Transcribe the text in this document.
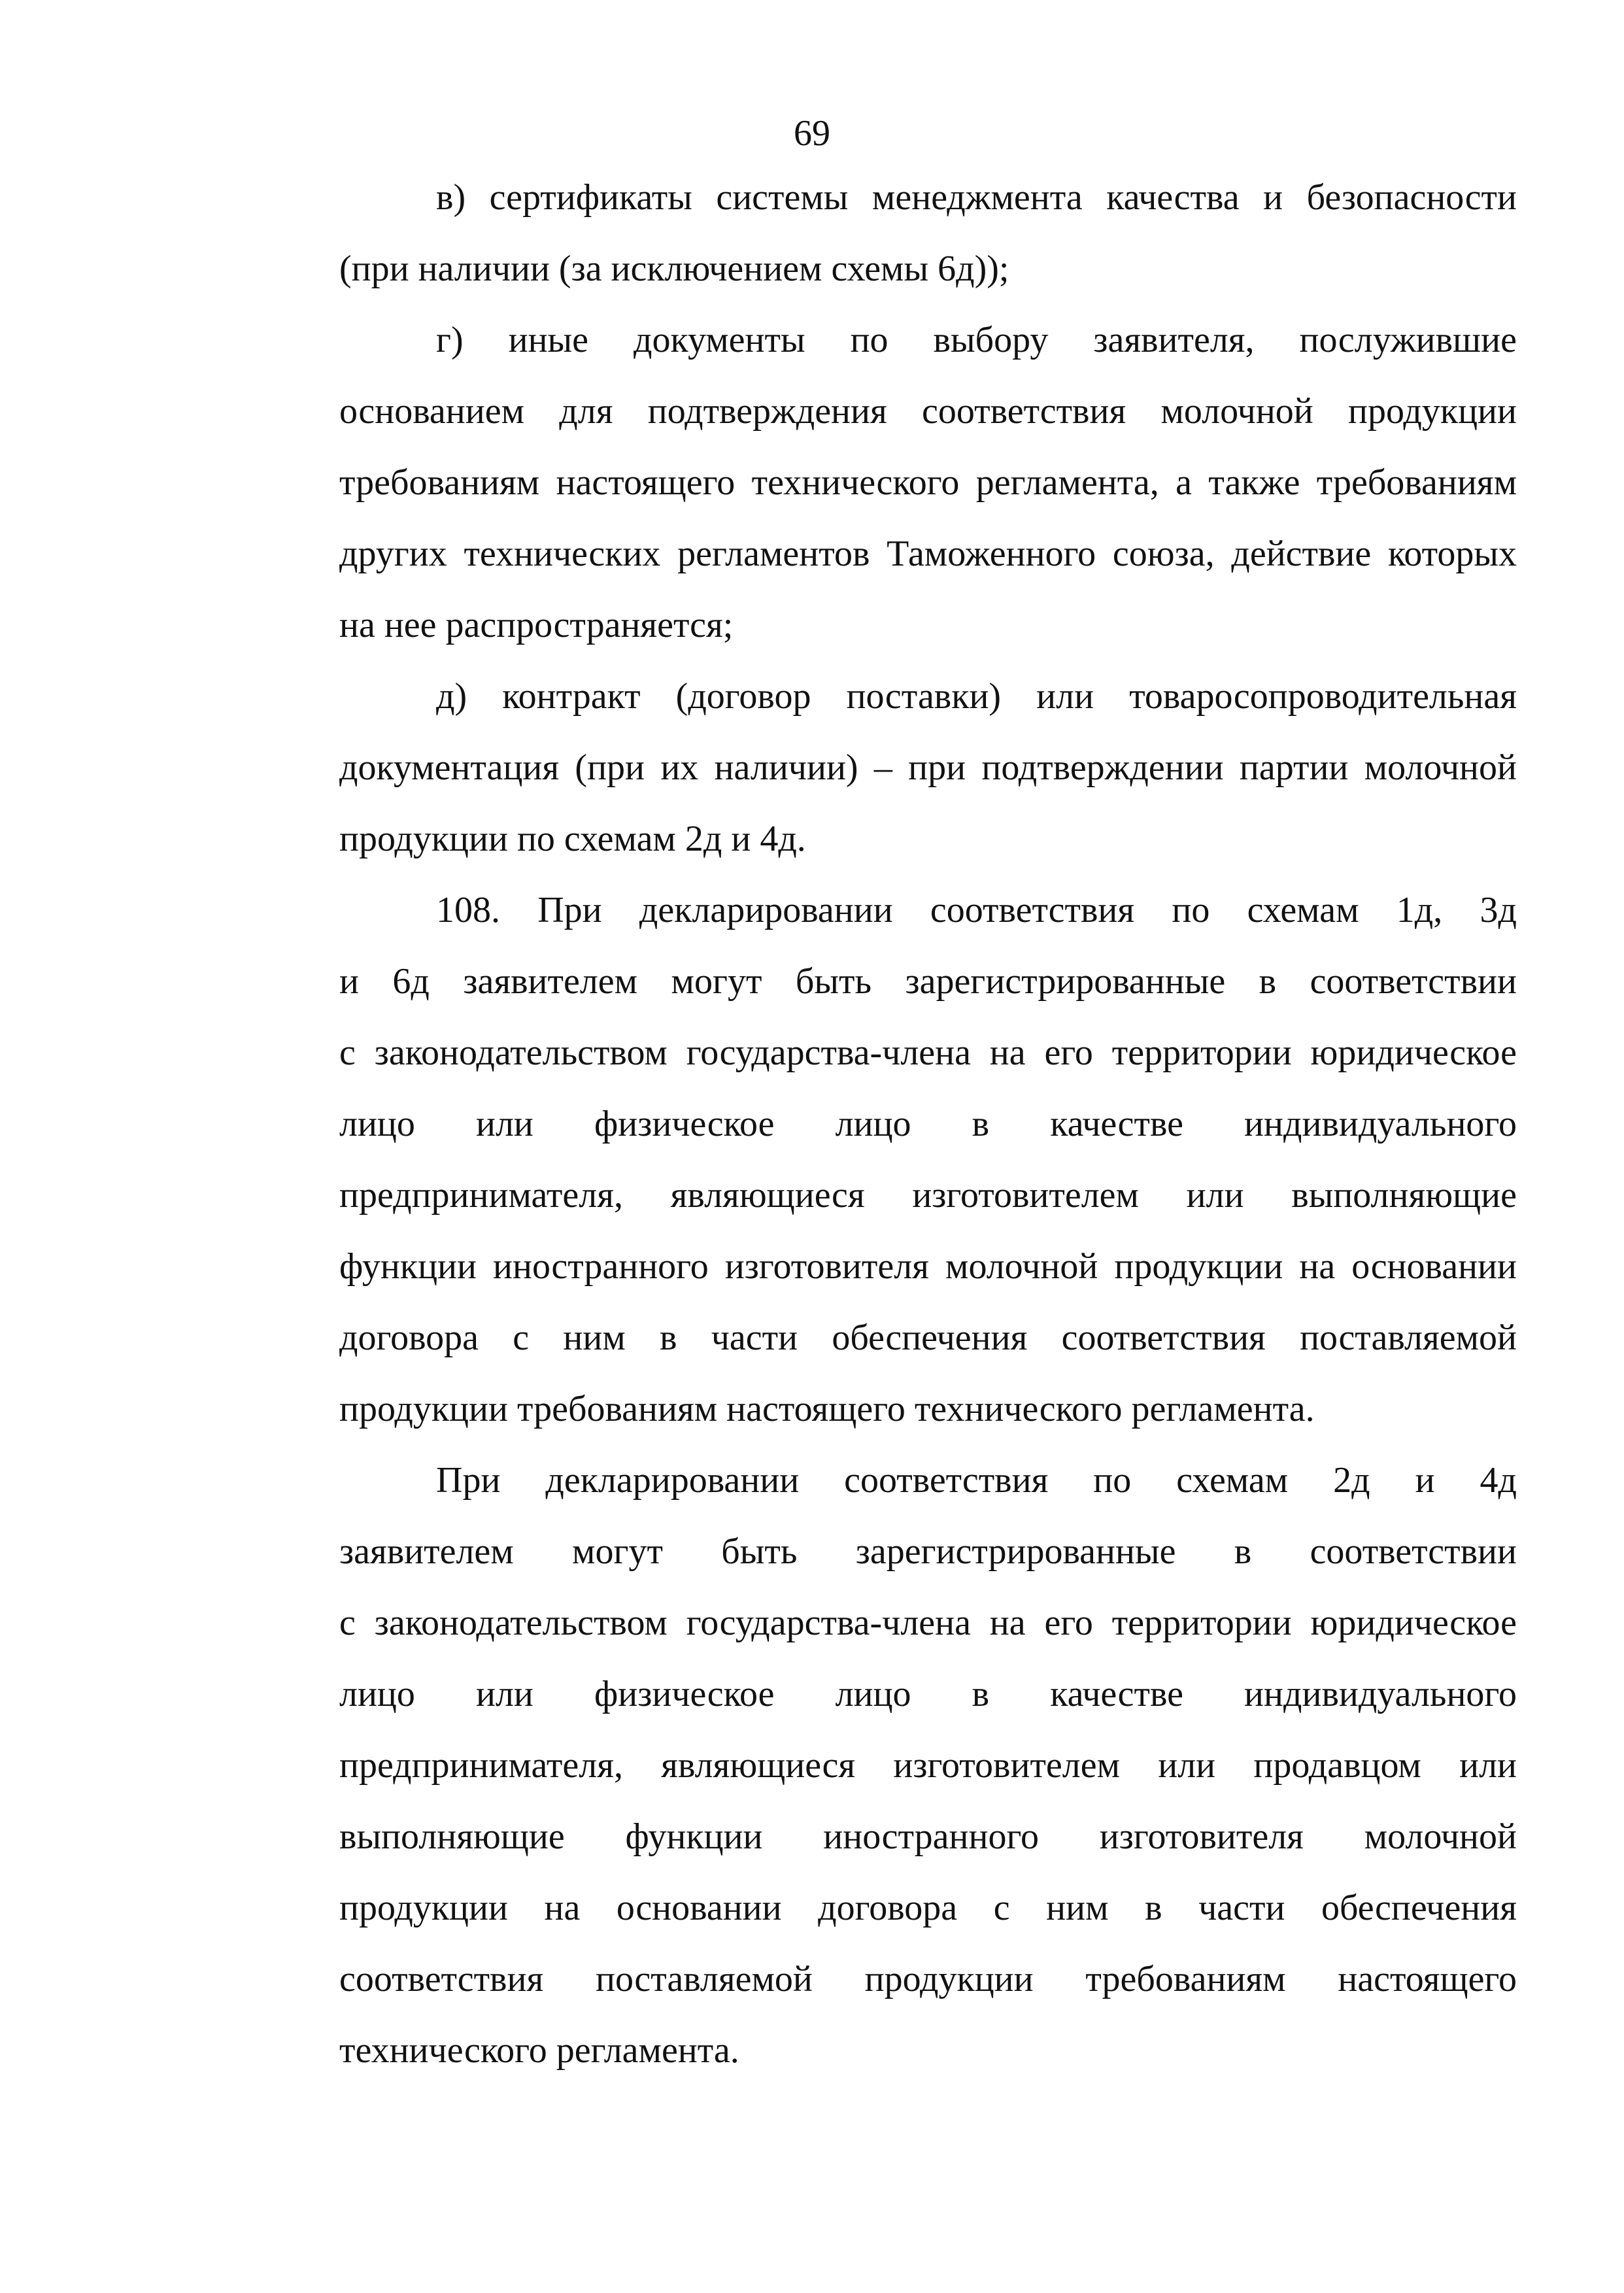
69
в) сертификаты системы менеджмента качества и безопасности
(при наличии (за исключением схемы 6д));
г) иные документы по выбору заявителя, послужившие
основанием для подтверждения соответствия молочной продукции
требованиям настоящего технического регламента, а также требованиям
других технических регламентов Таможенного союза, действие которых
на нее распространяется;
д) контракт (договор поставки) или товаросопроводительная
документация (при их наличии) – при подтверждении партии молочной
продукции по схемам 2д и 4д.
108. При декларировании соответствия по схемам 1д, 3д
и 6д заявителем могут быть зарегистрированные в соответствии
с законодательством государства-члена на его территории юридическое
лицо или физическое лицо в качестве индивидуального
предпринимателя, являющиеся изготовителем или выполняющие
функции иностранного изготовителя молочной продукции на основании
договора с ним в части обеспечения соответствия поставляемой
продукции требованиям настоящего технического регламента.
При декларировании соответствия по схемам 2д и 4д
заявителем могут быть зарегистрированные в соответствии
с законодательством государства-члена на его территории юридическое
лицо или физическое лицо в качестве индивидуального
предпринимателя, являющиеся изготовителем или продавцом или
выполняющие функции иностранного изготовителя молочной
продукции на основании договора с ним в части обеспечения
соответствия поставляемой продукции требованиям настоящего
технического регламента.
